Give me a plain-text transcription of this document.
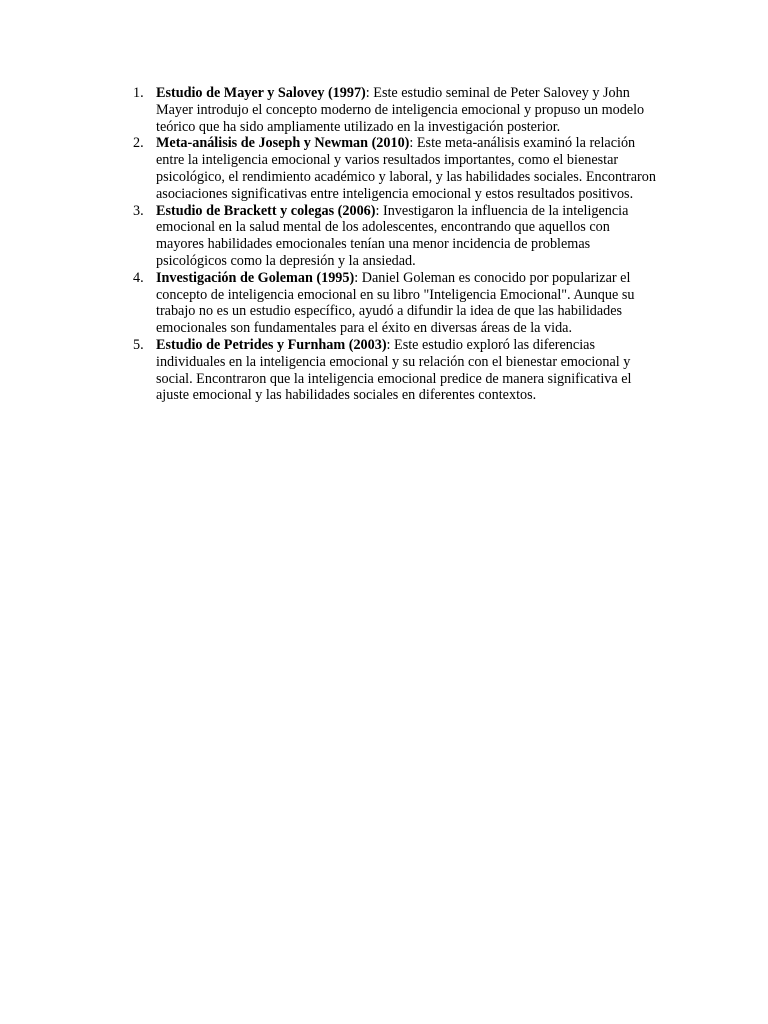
1. Estudio de Mayer y Salovey (1997): Este estudio seminal de Peter Salovey y John Mayer introdujo el concepto moderno de inteligencia emocional y propuso un modelo teórico que ha sido ampliamente utilizado en la investigación posterior.
2. Meta-análisis de Joseph y Newman (2010): Este meta-análisis examinó la relación entre la inteligencia emocional y varios resultados importantes, como el bienestar psicológico, el rendimiento académico y laboral, y las habilidades sociales. Encontraron asociaciones significativas entre inteligencia emocional y estos resultados positivos.
3. Estudio de Brackett y colegas (2006): Investigaron la influencia de la inteligencia emocional en la salud mental de los adolescentes, encontrando que aquellos con mayores habilidades emocionales tenían una menor incidencia de problemas psicológicos como la depresión y la ansiedad.
4. Investigación de Goleman (1995): Daniel Goleman es conocido por popularizar el concepto de inteligencia emocional en su libro "Inteligencia Emocional". Aunque su trabajo no es un estudio específico, ayudó a difundir la idea de que las habilidades emocionales son fundamentales para el éxito en diversas áreas de la vida.
5. Estudio de Petrides y Furnham (2003): Este estudio exploró las diferencias individuales en la inteligencia emocional y su relación con el bienestar emocional y social. Encontraron que la inteligencia emocional predice de manera significativa el ajuste emocional y las habilidades sociales en diferentes contextos.
